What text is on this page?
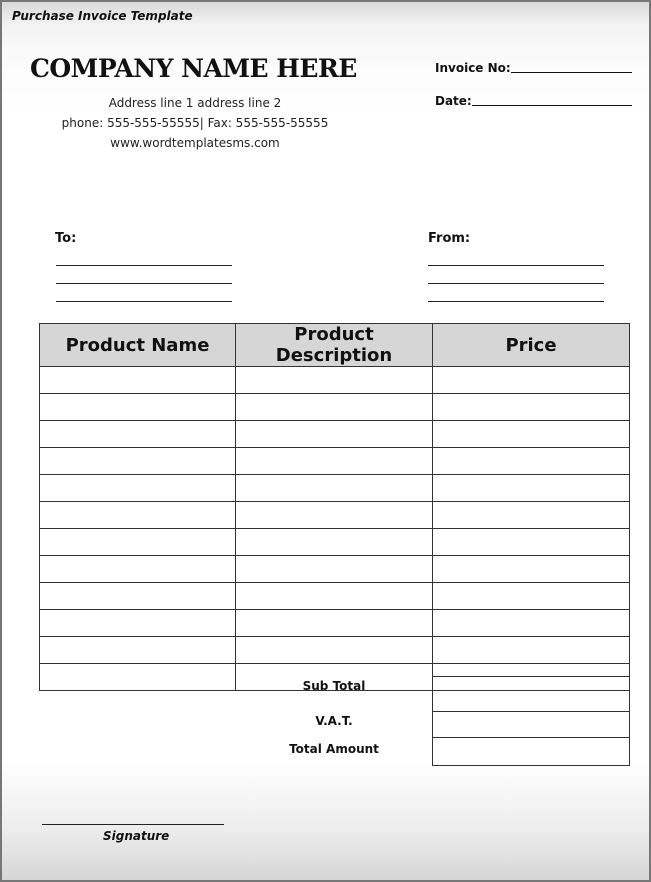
Purchase Invoice Template
COMPANY NAME HERE
Address line 1 address line 2
phone: 555-555-55555| Fax: 555-555-55555
www.wordtemplatesms.com
Invoice No:
Date:
To:	From:
Product Name	Product Description	Price

Sub Total
V.A.T.
Total Amount
Signature
